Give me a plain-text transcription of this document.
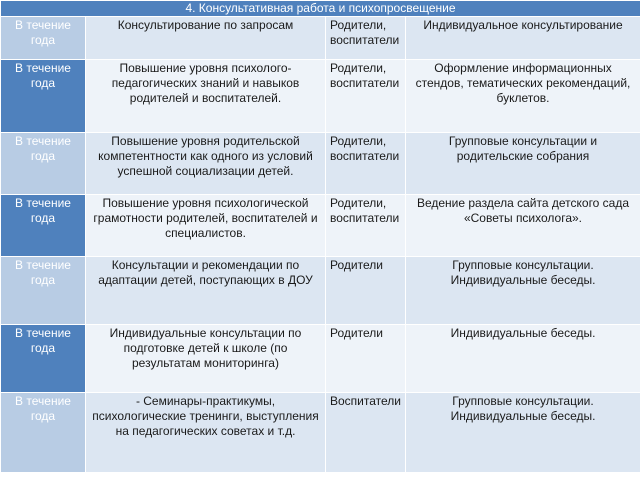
4. Консультативная работа и психопросвещение			
В течение года	Консультирование по запросам	Родители, воспитатели	Индивидуальное консультирование
В течение года	Повышение уровня психолого-педагогических знаний и навыков родителей и воспитателей.	Родители, воспитатели	Оформление информационных стендов, тематических рекомендаций, буклетов.
В течение года	Повышение уровня родительской компетентности как одного из условий успешной социализации детей.	Родители, воспитатели	Групповые консультации и родительские собрания
В течение года	Повышение уровня психологической грамотности родителей, воспитателей и специалистов.	Родители, воспитатели	Ведение раздела сайта детского сада «Советы психолога».
В течение года	Консультации и рекомендации по адаптации детей, поступающих в ДОУ	Родители	Групповые консультации. Индивидуальные беседы.
В течение года	Индивидуальные консультации по подготовке детей к школе (по результатам мониторинга)	Родители	Индивидуальные беседы.
В течение года	- Семинары-практикумы, психологические тренинги, выступления на педагогических советах и т.д.	Воспитатели	Групповые консультации. Индивидуальные беседы.
